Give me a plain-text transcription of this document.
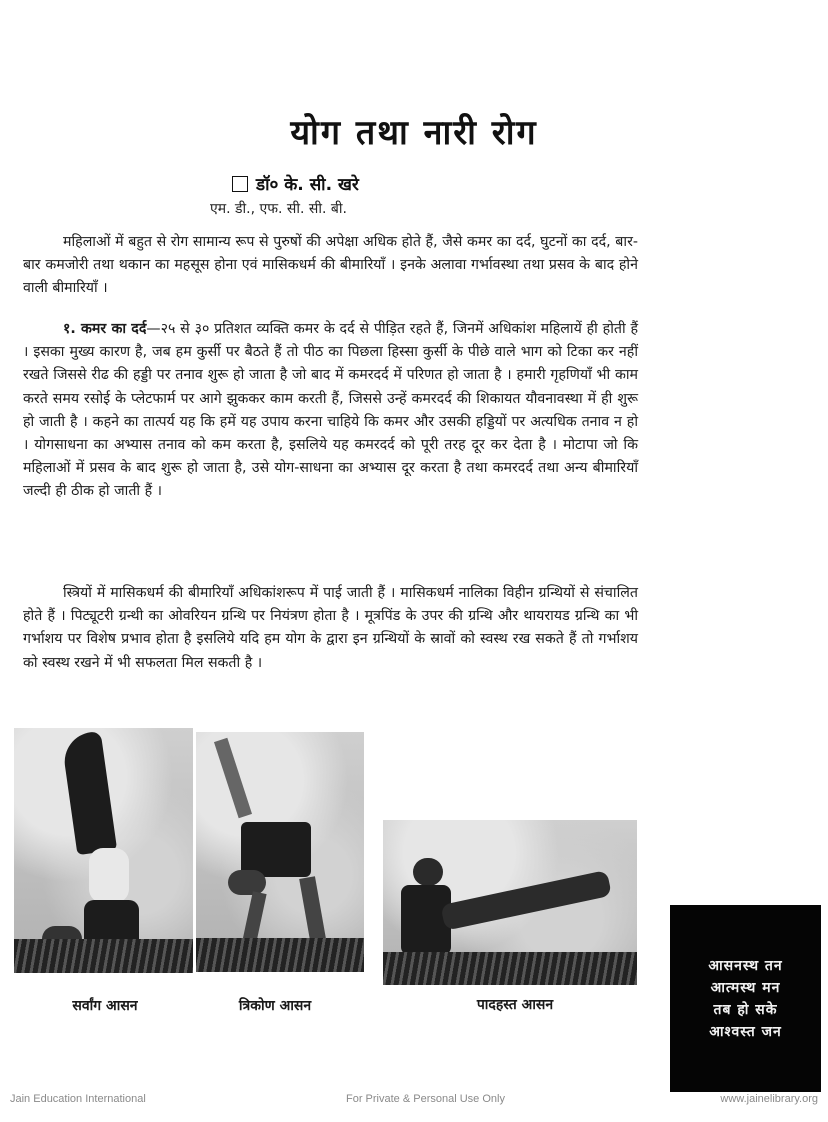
योग तथा नारी रोग
डॉ० के. सी. खरे
एम. डी., एफ. सी. सी. बी.
महिलाओं में बहुत से रोग सामान्य रूप से पुरुषों की अपेक्षा अधिक होते हैं, जैसे कमर का दर्द, घुटनों का दर्द, बार-बार कमजोरी तथा थकान का महसूस होना एवं मासिकधर्म की बीमारियाँ । इनके अलावा गर्भावस्था तथा प्रसव के बाद होने वाली बीमारियाँ ।
१. कमर का दर्द—२५ से ३० प्रतिशत व्यक्ति कमर के दर्द से पीड़ित रहते हैं, जिनमें अधिकांश महिलायें ही होती हैं । इसका मुख्य कारण है, जब हम कुर्सी पर बैठते हैं तो पीठ का पिछला हिस्सा कुर्सी के पीछे वाले भाग को टिका कर नहीं रखते जिससे रीढ की हड्डी पर तनाव शुरू हो जाता है जो बाद में कमरदर्द में परिणत हो जाता है । हमारी गृहणियाँ भी काम करते समय रसोई के प्लेटफार्म पर आगे झुककर काम करती हैं, जिससे उन्हें कमरदर्द की शिकायत यौवनावस्था में ही शुरू हो जाती है । कहने का तात्पर्य यह कि हमें यह उपाय करना चाहिये कि कमर और उसकी हड्डियों पर अत्यधिक तनाव न हो । योगसाधना का अभ्यास तनाव को कम करता है, इसलिये यह कमरदर्द को पूरी तरह दूर कर देता है । मोटापा जो कि महिलाओं में प्रसव के बाद शुरू हो जाता है, उसे योग-साधना का अभ्यास दूर करता है तथा कमरदर्द तथा अन्य बीमारियाँ जल्दी ही ठीक हो जाती हैं ।
स्त्रियों में मासिकधर्म की बीमारियाँ अधिकांशरूप में पाई जाती हैं । मासिकधर्म नालिका विहीन ग्रन्थियों से संचालित होते हैं । पिट्यूटरी ग्रन्थी का ओवरियन ग्रन्थि पर नियंत्रण होता है । मूत्रपिंड के उपर की ग्रन्थि और थायरायड ग्रन्थि का भी गर्भाशय पर विशेष प्रभाव होता है इसलिये यदि हम योग के द्वारा इन ग्रन्थियों के स्रावों को स्वस्थ रख सकते हैं तो गर्भाशय को स्वस्थ रखने में भी सफलता मिल सकती है ।
सर्वांग आसन	त्रिकोण आसन	पादहस्त आसन
आसनस्थ तन
आत्मस्थ मन
तब हो सके
आश्वस्त जन
Jain Education International	For Private & Personal Use Only	www.jainelibrary.org
